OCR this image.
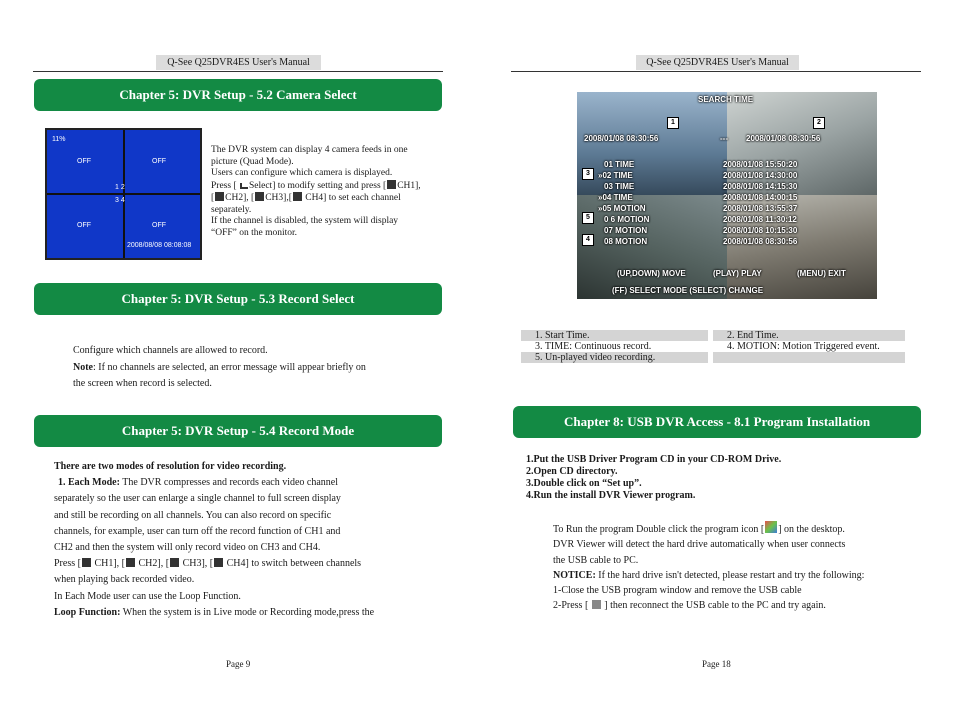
Q-See Q25DVR4ES User's Manual
Chapter 5: DVR Setup - 5.2 Camera Select
11%
OFF	OFF
1 2
3 4
OFF	OFF
2008/08/08 08:08:08
The DVR system can display 4 camera feeds in one
picture (Quad Mode).
Users can configure which camera is displayed.
Press [ Select] to modify setting and press [ CH1],
[ CH2], [ CH3],[ CH4] to set each channel
separately.
If the channel is disabled, the system will display
“OFF” on the monitor.
Chapter 5: DVR Setup - 5.3 Record Select
Configure which channels are allowed to record.
Note: If no channels are selected, an error message will appear briefly on
the screen when record is selected.
Chapter 5: DVR Setup - 5.4 Record Mode
There are two modes of resolution for video recording.
1. Each Mode: The DVR compresses and records each video channel
separately so the user can enlarge a single channel to full screen display
and still be recording on all channels. You can also record on specific
channels, for example, user can turn off the record function of CH1 and
CH2 and then the system will only record video on CH3 and CH4.
Press [ CH1], [ CH2], [ CH3], [ CH4] to switch between channels
when playing back recorded video.
In Each Mode user can use the Loop Function.
Loop Function: When the system is in Live mode or Recording mode,press the
Page 9
Q-See Q25DVR4ES User's Manual
SEARCH TIME
2008/01/08 08:30:56	--- 2008/01/08 08:30:56
01 TIME	2008/01/08 15:50:20
»02 TIME	2008/01/08 14:30:00
03 TIME	2008/01/08 14:15:30
»04 TIME	2008/01/08 14:00:15
»05 MOTION	2008/01/08 13:55:37
0 6 MOTION	2008/01/08 11:30:12
07 MOTION	2008/01/08 10:15:30
08 MOTION	2008/01/08 08:30:56
(UP,DOWN) MOVE	(PLAY) PLAY	(MENU) EXIT
(FF) SELECT MODE (SELECT) CHANGE
1	2
3
5
4
1. Start Time.	2. End Time.
3. TIME: Continuous record.	4. MOTION: Motion Triggered event.
5. Un-played video recording.
Chapter 8: USB DVR Access - 8.1 Program Installation
1.Put the USB Driver Program CD in your CD-ROM Drive.
2.Open CD directory.
3.Double click on “Set up”.
4.Run the install DVR Viewer program.
To Run the program Double click the program icon [ ] on the desktop.
DVR Viewer will detect the hard drive automatically when user connects
the USB cable to PC.
NOTICE: If the hard drive isn't detected, please restart and try the following:
1-Close the USB program window and remove the USB cable
2-Press [ ] then reconnect the USB cable to the PC and try again.
Page 18
